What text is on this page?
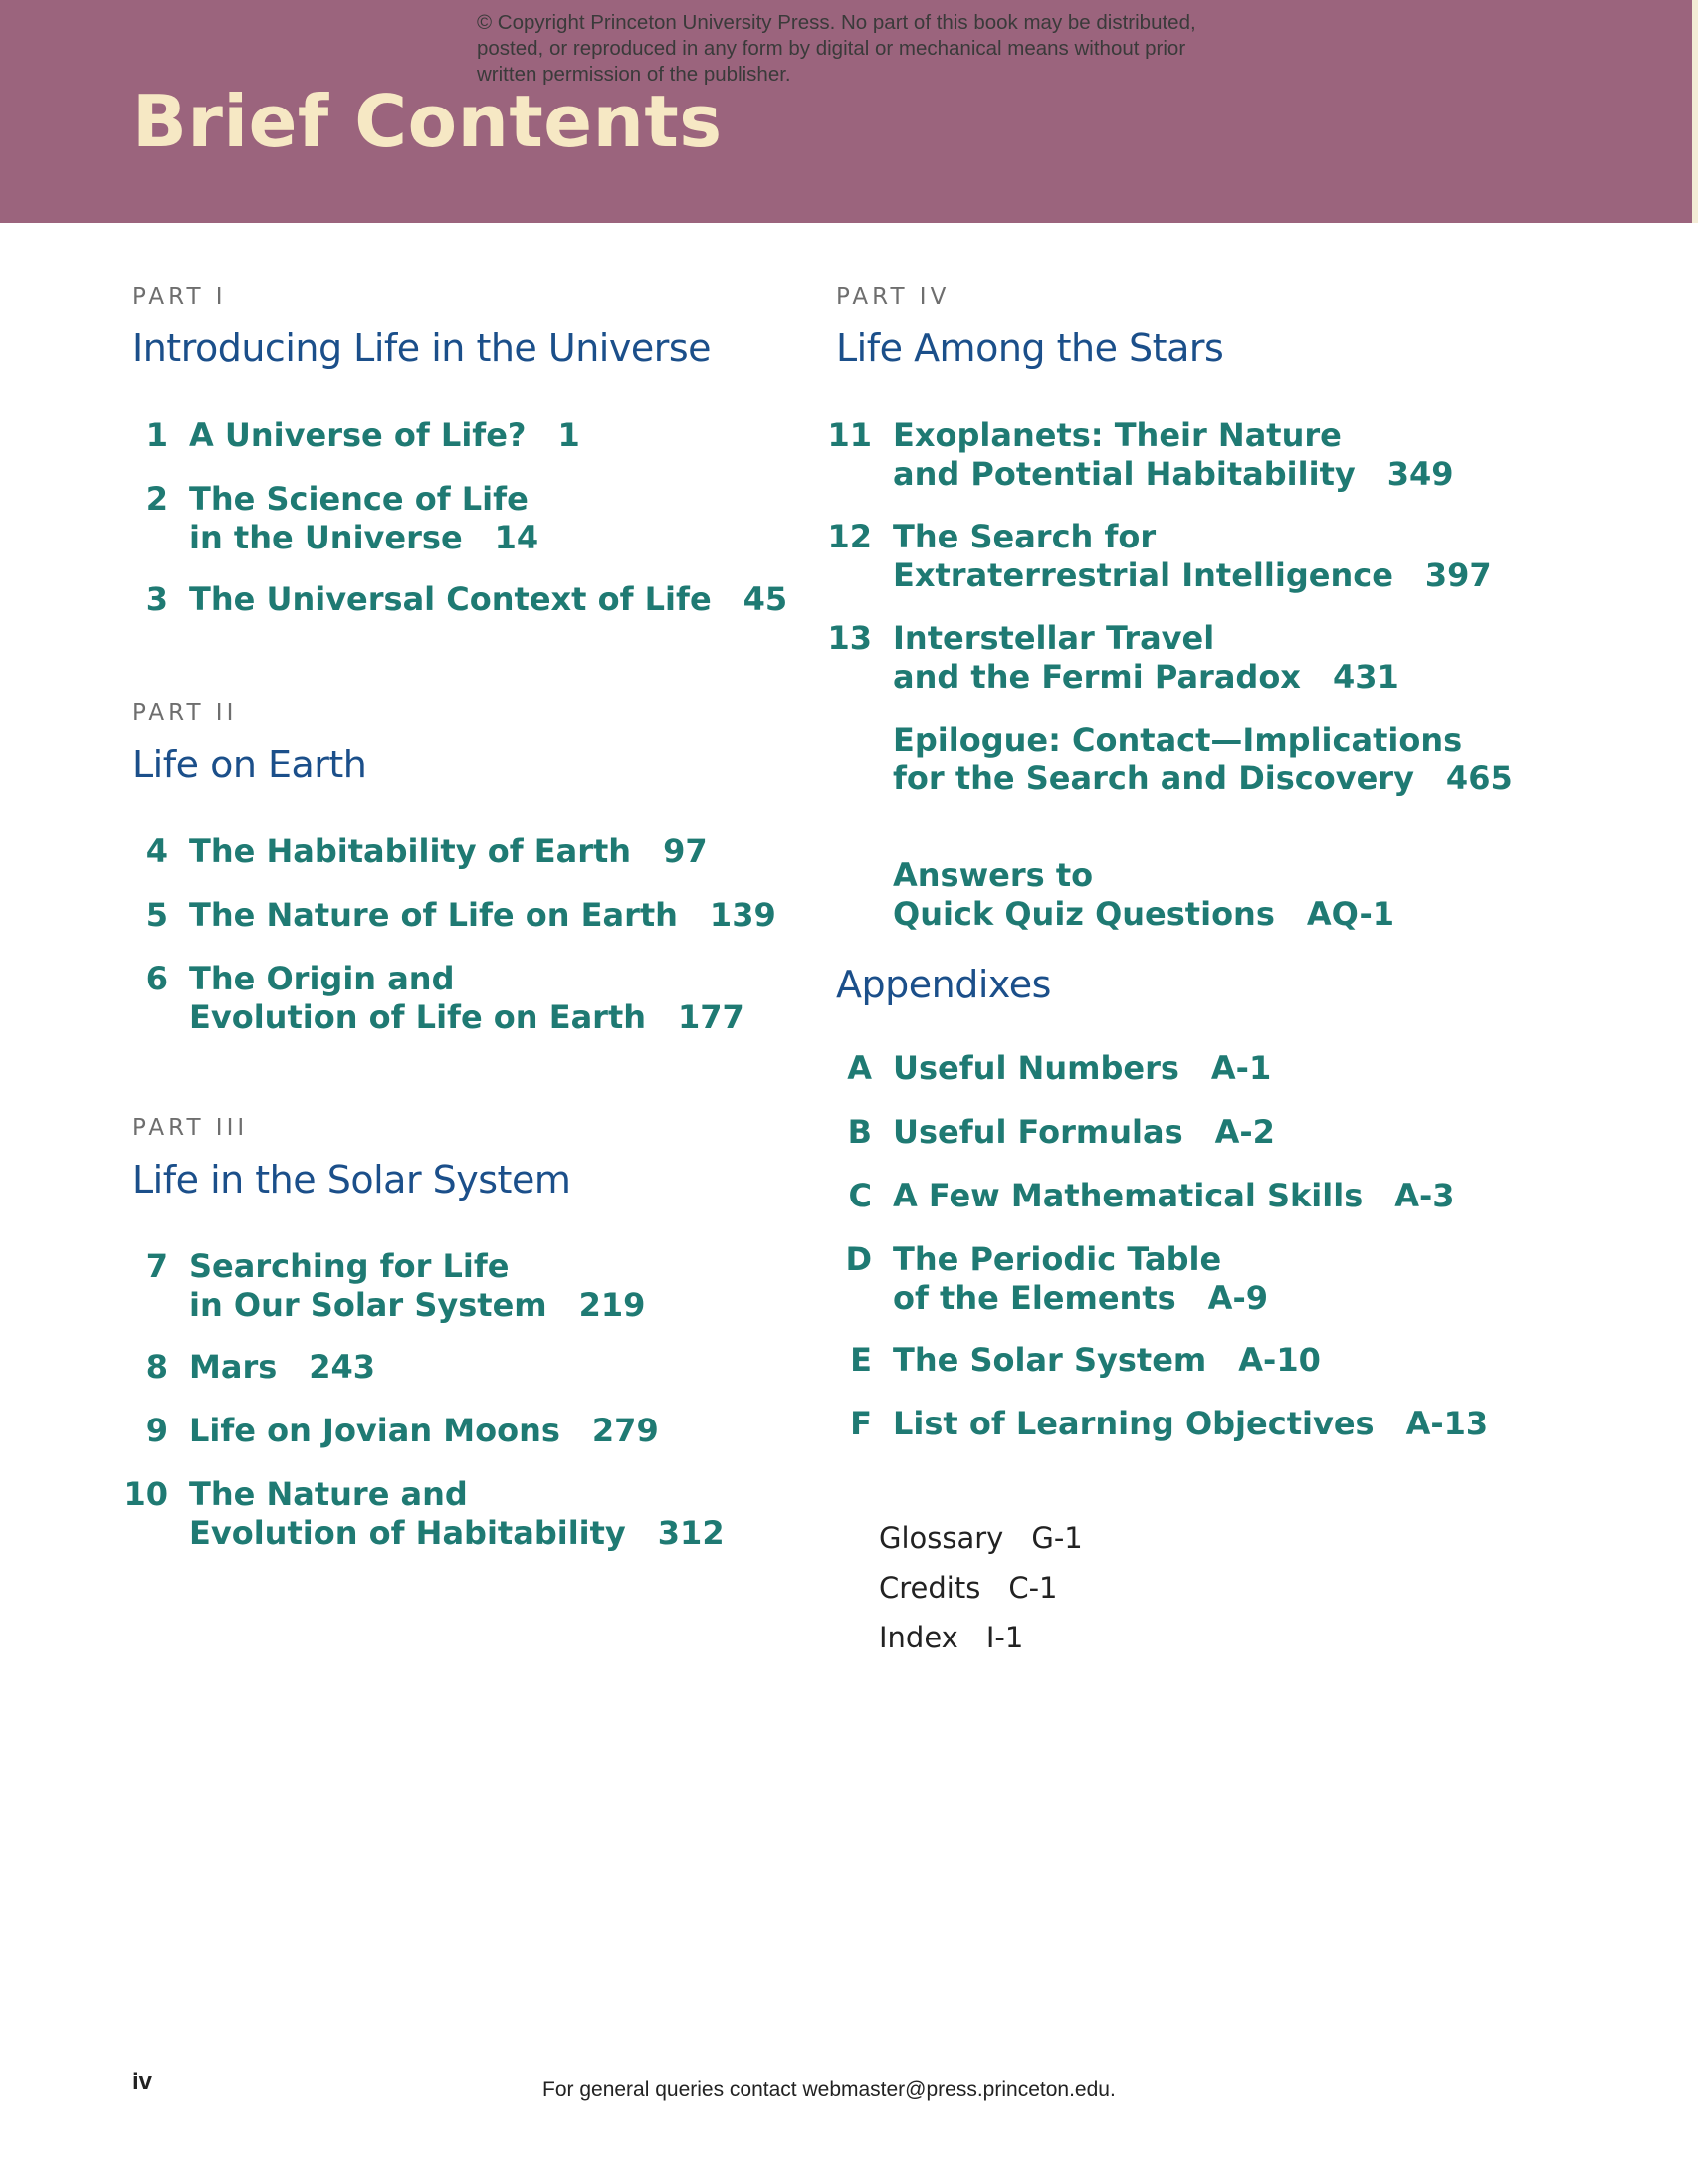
© Copyright Princeton University Press. No part of this book may be distributed, posted, or reproduced in any form by digital or mechanical means without prior written permission of the publisher.
Brief Contents
PART I
Introducing Life in the Universe
1 A Universe of Life? 1
2 The Science of Life
in the Universe 14
3 The Universal Context of Life 45
PART II
Life on Earth
4 The Habitability of Earth 97
5 The Nature of Life on Earth 139
6 The Origin and
Evolution of Life on Earth 177
PART III
Life in the Solar System
7 Searching for Life
in Our Solar System 219
8 Mars 243
9 Life on Jovian Moons 279
10 The Nature and
Evolution of Habitability 312
PART IV
Life Among the Stars
11 Exoplanets: Their Nature
and Potential Habitability 349
12 The Search for
Extraterrestrial Intelligence 397
13 Interstellar Travel
and the Fermi Paradox 431
Epilogue: Contact—Implications
for the Search and Discovery 465
Answers to
Quick Quiz Questions AQ-1
Appendixes
A Useful Numbers A-1
B Useful Formulas A-2
C A Few Mathematical Skills A-3
D The Periodic Table
of the Elements A-9
E The Solar System A-10
F List of Learning Objectives A-13
Glossary G-1
Credits C-1
Index I-1
iv	For general queries contact webmaster@press.princeton.edu.
